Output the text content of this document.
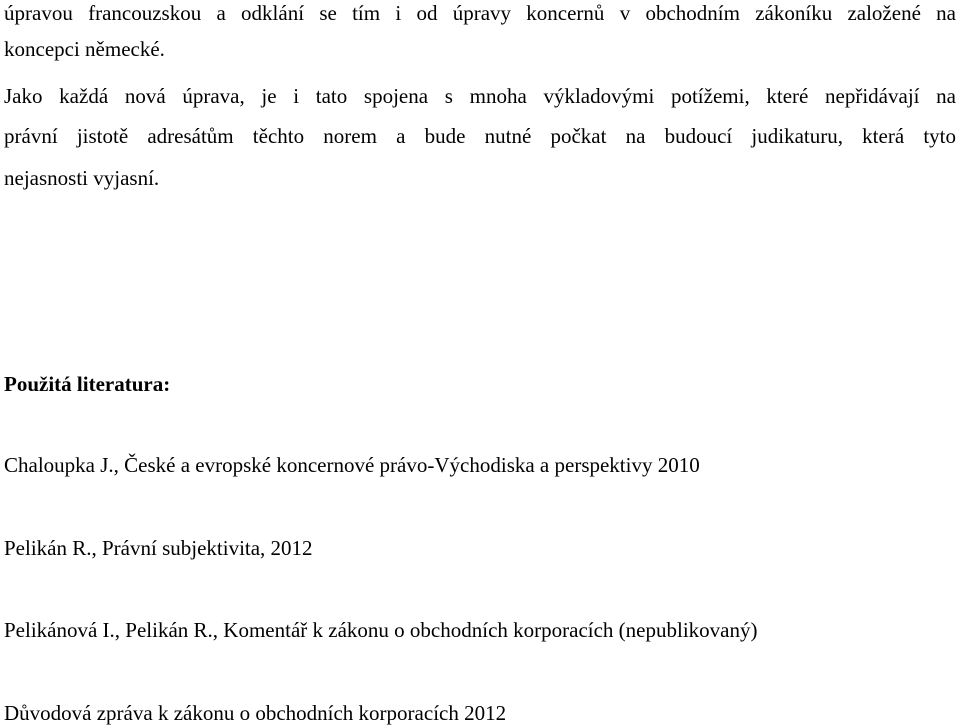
úpravou francouzskou a odklání se tím i od úpravy koncernů v obchodním zákoníku založené na
koncepci německé.
Jako každá nová úprava, je i tato spojena s mnoha výkladovými potížemi, které nepřidávají na
právní jistotě adresátům těchto norem a bude nutné počkat na budoucí judikaturu, která tyto
nejasnosti vyjasní.
Použitá literatura:
Chaloupka J., České a evropské koncernové právo-Východiska a perspektivy 2010
Pelikán R., Právní subjektivita, 2012
Pelikánová I., Pelikán R., Komentář k zákonu o obchodních korporacích (nepublikovaný)
Důvodová zpráva k zákonu o obchodních korporacích 2012
